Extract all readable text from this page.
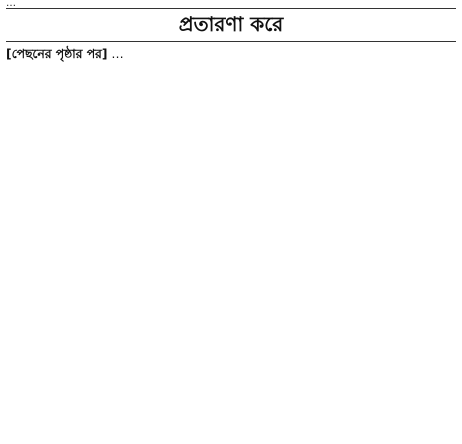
…
প্রতারণা করে

[পেছনের পৃষ্ঠার পর] …
